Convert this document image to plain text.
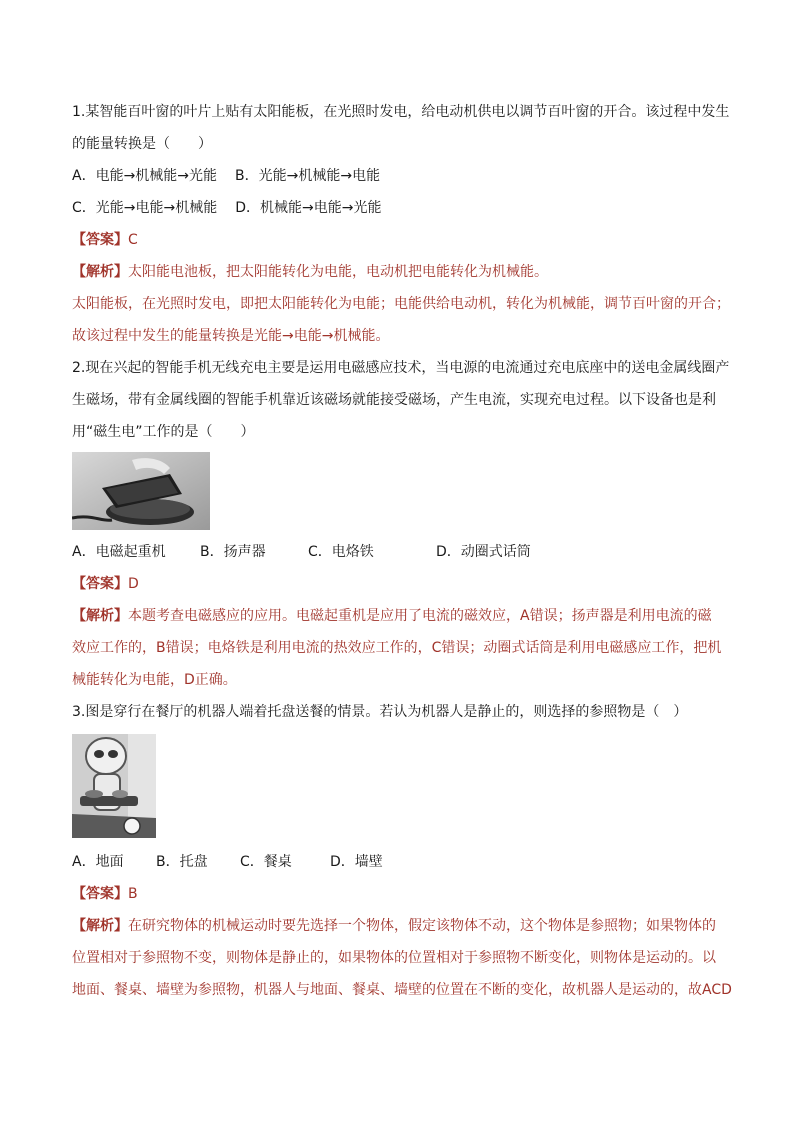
1.某智能百叶窗的叶片上贴有太阳能板，在光照时发电，给电动机供电以调节百叶窗的开合。该过程中发生
的能量转换是（　　）
A．电能→机械能→光能 B．光能→机械能→电能
C．光能→电能→机械能 D．机械能→电能→光能
【答案】C
【解析】太阳能电池板，把太阳能转化为电能，电动机把电能转化为机械能。
太阳能板，在光照时发电，即把太阳能转化为电能；电能供给电动机，转化为机械能，调节百叶窗的开合；
故该过程中发生的能量转换是光能→电能→机械能。
2.现在兴起的智能手机无线充电主要是运用电磁感应技术，当电源的电流通过充电底座中的送电金属线圈产
生磁场，带有金属线圈的智能手机靠近该磁场就能接受磁场，产生电流，实现充电过程。以下设备也是利
用“磁生电”工作的是（　　）
A．电磁起重机 B．扬声器	C．电烙铁	D．动圈式话筒
【答案】D
【解析】本题考查电磁感应的应用。电磁起重机是应用了电流的磁效应，A错误；扬声器是利用电流的磁
效应工作的，B错误；电烙铁是利用电流的热效应工作的，C错误；动圈式话筒是利用电磁感应工作，把机
械能转化为电能，D正确。
3.图是穿行在餐厅的机器人端着托盘送餐的情景。若认为机器人是静止的，则选择的参照物是（　）
A．地面 B．托盘 C．餐桌	D．墙壁
【答案】B
【解析】在研究物体的机械运动时要先选择一个物体，假定该物体不动，这个物体是参照物；如果物体的
位置相对于参照物不变，则物体是静止的，如果物体的位置相对于参照物不断变化，则物体是运动的。以
地面、餐桌、墙壁为参照物，机器人与地面、餐桌、墙壁的位置在不断的变化，故机器人是运动的，故ACD
